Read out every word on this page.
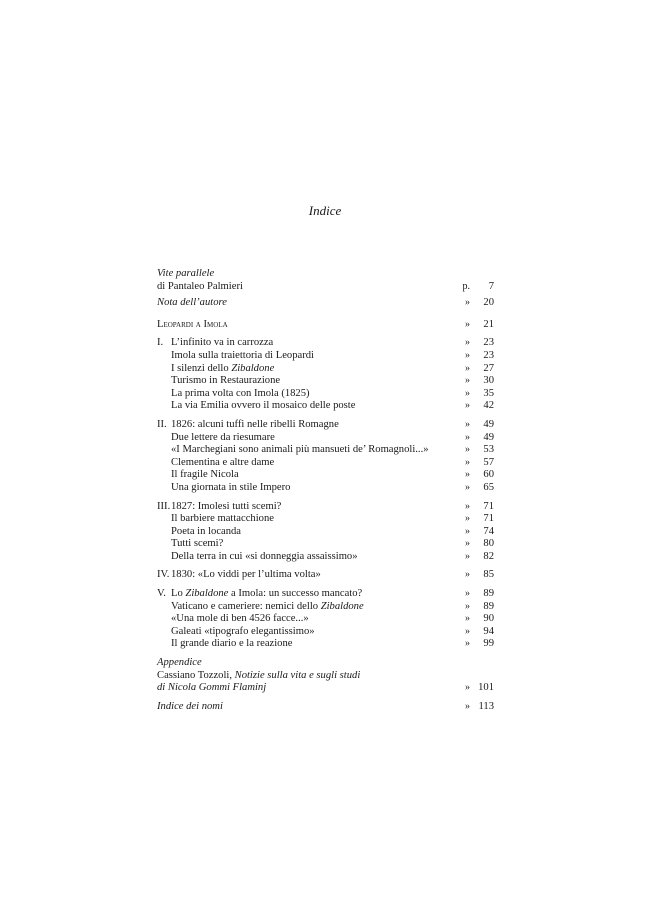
Indice
Vite parallele
di Pantaleo Palmieri	p.	7
Nota dell’autore	»	20
Leopardi a Imola	»	21
I. L’infinito va in carrozza	»	23
Imola sulla traiettoria di Leopardi	»	23
I silenzi dello Zibaldone	»	27
Turismo in Restaurazione	»	30
La prima volta con Imola (1825)	»	35
La via Emilia ovvero il mosaico delle poste	»	42
II. 1826: alcuni tuffi nelle ribelli Romagne	»	49
Due lettere da riesumare	»	49
«I Marchegiani sono animali più mansueti de’ Romagnoli...»	»	53
Clementina e altre dame	»	57
Il fragile Nicola	»	60
Una giornata in stile Impero	»	65
III. 1827: Imolesi tutti scemi?	»	71
Il barbiere mattacchione	»	71
Poeta in locanda	»	74
Tutti scemi?	»	80
Della terra in cui «si donneggia assaissimo»	»	82
IV. 1830: «Lo viddi per l’ultima volta»	»	85
V. Lo Zibaldone a Imola: un successo mancato?	»	89
Vaticano e cameriere: nemici dello Zibaldone	»	89
«Una mole di ben 4526 facce...»	»	90
Galeati «tipografo elegantissimo»	»	94
Il grande diario e la reazione	»	99
Appendice
Cassiano Tozzoli, Notizie sulla vita e sugli studi
di Nicola Gommi Flaminj	» 101
Indice dei nomi	» 113
